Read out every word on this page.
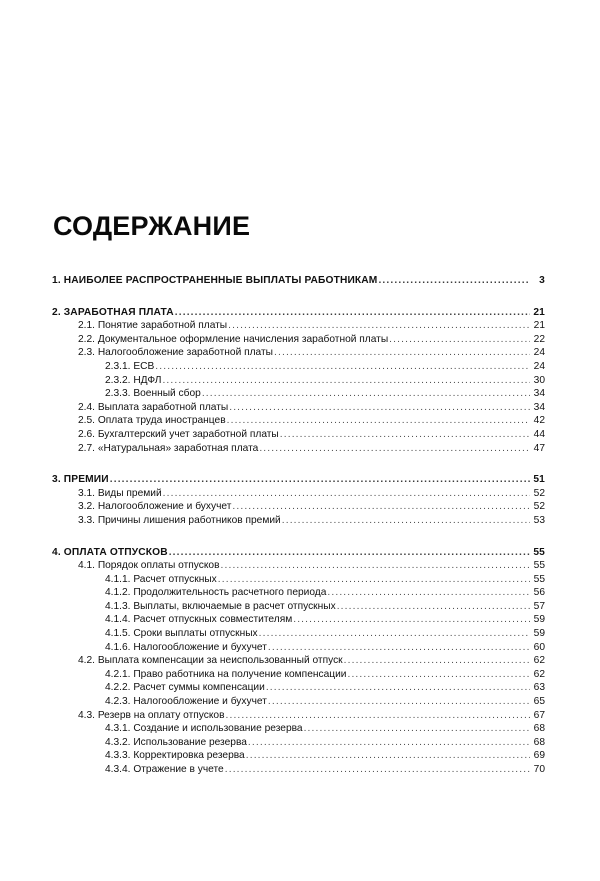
СОДЕРЖАНИЕ
1. НАИБОЛЕЕ РАСПРОСТРАНЕННЫЕ ВЫПЛАТЫ РАБОТНИКАМ .....	3
2. ЗАРАБОТНАЯ ПЛАТА .....	21
2.1. Понятие заработной платы .....	21
2.2. Документальное оформление начисления заработной платы .....	22
2.3. Налогообложение заработной платы .....	24
2.3.1. ЕСВ .....	24
2.3.2. НДФЛ .....	30
2.3.3. Военный сбор .....	34
2.4. Выплата заработной платы .....	34
2.5. Оплата труда иностранцев .....	42
2.6. Бухгалтерский учет заработной платы .....	44
2.7. «Натуральная» заработная плата .....	47
3. ПРЕМИИ .....	51
3.1. Виды премий .....	52
3.2. Налогообложение и бухучет .....	52
3.3. Причины лишения работников премий .....	53
4. ОПЛАТА ОТПУСКОВ .....	55
4.1. Порядок оплаты отпусков .....	55
4.1.1. Расчет отпускных .....	55
4.1.2. Продолжительность расчетного периода .....	56
4.1.3. Выплаты, включаемые в расчет отпускных .....	57
4.1.4. Расчет отпускных совместителям .....	59
4.1.5. Сроки выплаты отпускных .....	59
4.1.6. Налогообложение и бухучет .....	60
4.2. Выплата компенсации за неиспользованный отпуск .....	62
4.2.1. Право работника на получение компенсации .....	62
4.2.2. Расчет суммы компенсации .....	63
4.2.3. Налогообложение и бухучет .....	65
4.3. Резерв на оплату отпусков .....	67
4.3.1. Создание и использование резерва .....	68
4.3.2. Использование резерва .....	68
4.3.3. Корректировка резерва .....	69
4.3.4. Отражение в учете .....	70
